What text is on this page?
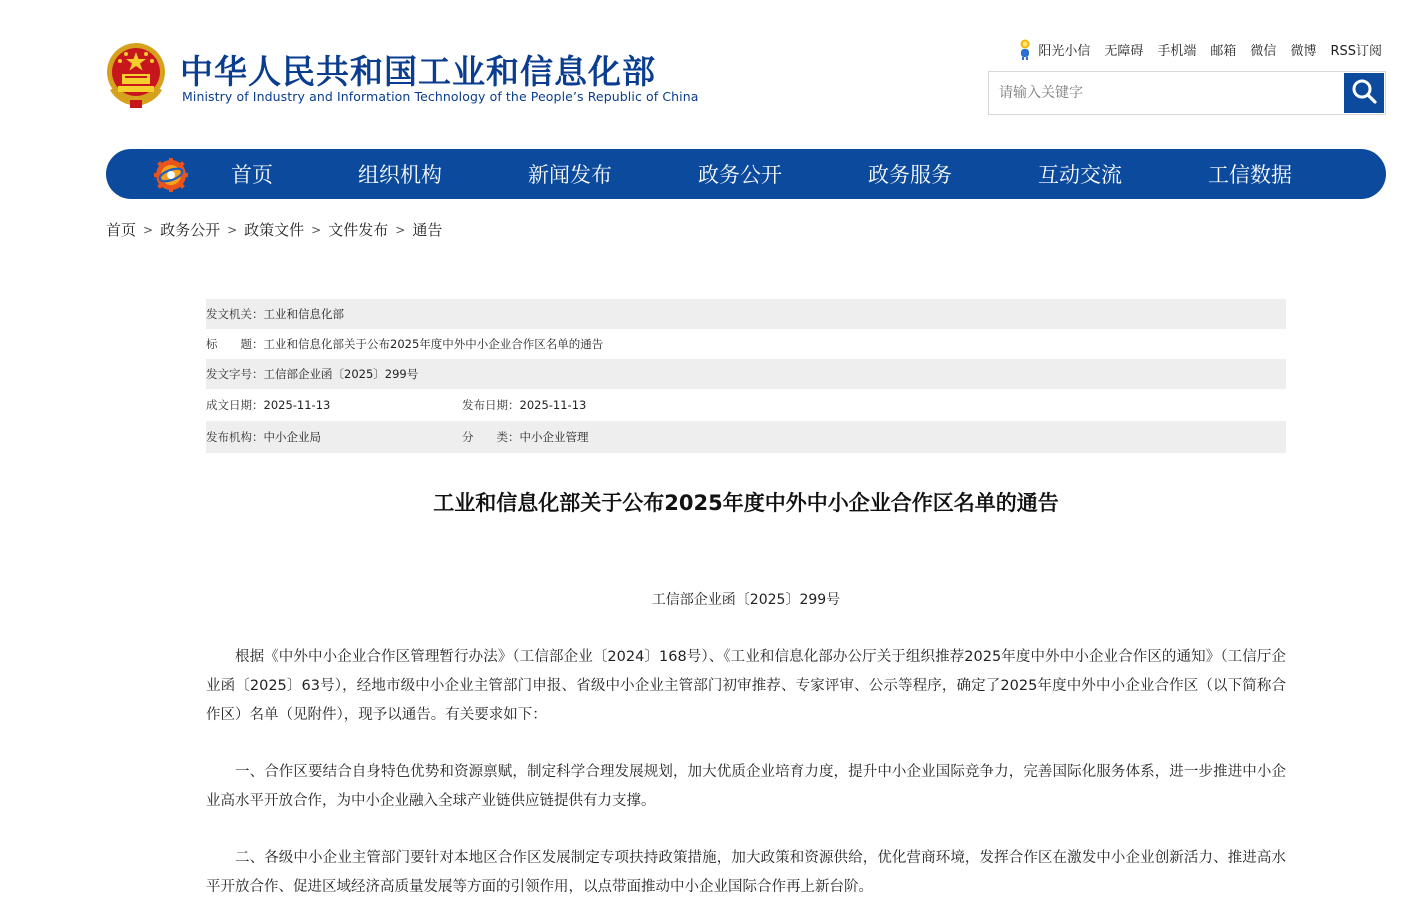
中华人民共和国工业和信息化部
Ministry of Industry and Information Technology of the People’s Republic of China
阳光小信 无障碍 手机端 邮箱 微信 微博 RSS订阅
请输入关键字
首页	组织机构	新闻发布	政务公开	政务服务	互动交流	工信数据
首页 > 政务公开 > 政策文件 > 文件发布 > 通告
发文机关： 工业和信息化部
标　　题： 工业和信息化部关于公布2025年度中外中小企业合作区名单的通告
发文字号： 工信部企业函〔2025〕299号
成文日期： 2025-11-13	发布日期： 2025-11-13
发布机构： 中小企业局	分　　类： 中小企业管理
工业和信息化部关于公布2025年度中外中小企业合作区名单的通告
工信部企业函〔2025〕299号
根据《中外中小企业合作区管理暂行办法》（工信部企业〔2024〕168号）、《工业和信息化部办公厅关于组织推荐2025年度中外中小企业合作区的通知》（工信厅企业函〔2025〕63号），经地市级中小企业主管部门申报、省级中小企业主管部门初审推荐、专家评审、公示等程序，确定了2025年度中外中小企业合作区（以下简称合作区）名单（见附件），现予以通告。有关要求如下：
一、合作区要结合自身特色优势和资源禀赋，制定科学合理发展规划，加大优质企业培育力度，提升中小企业国际竞争力，完善国际化服务体系，进一步推进中小企业高水平开放合作，为中小企业融入全球产业链供应链提供有力支撑。
二、各级中小企业主管部门要针对本地区合作区发展制定专项扶持政策措施，加大政策和资源供给，优化营商环境，发挥合作区在激发中小企业创新活力、推进高水平开放合作、促进区域经济高质量发展等方面的引领作用，以点带面推动中小企业国际合作再上新台阶。
